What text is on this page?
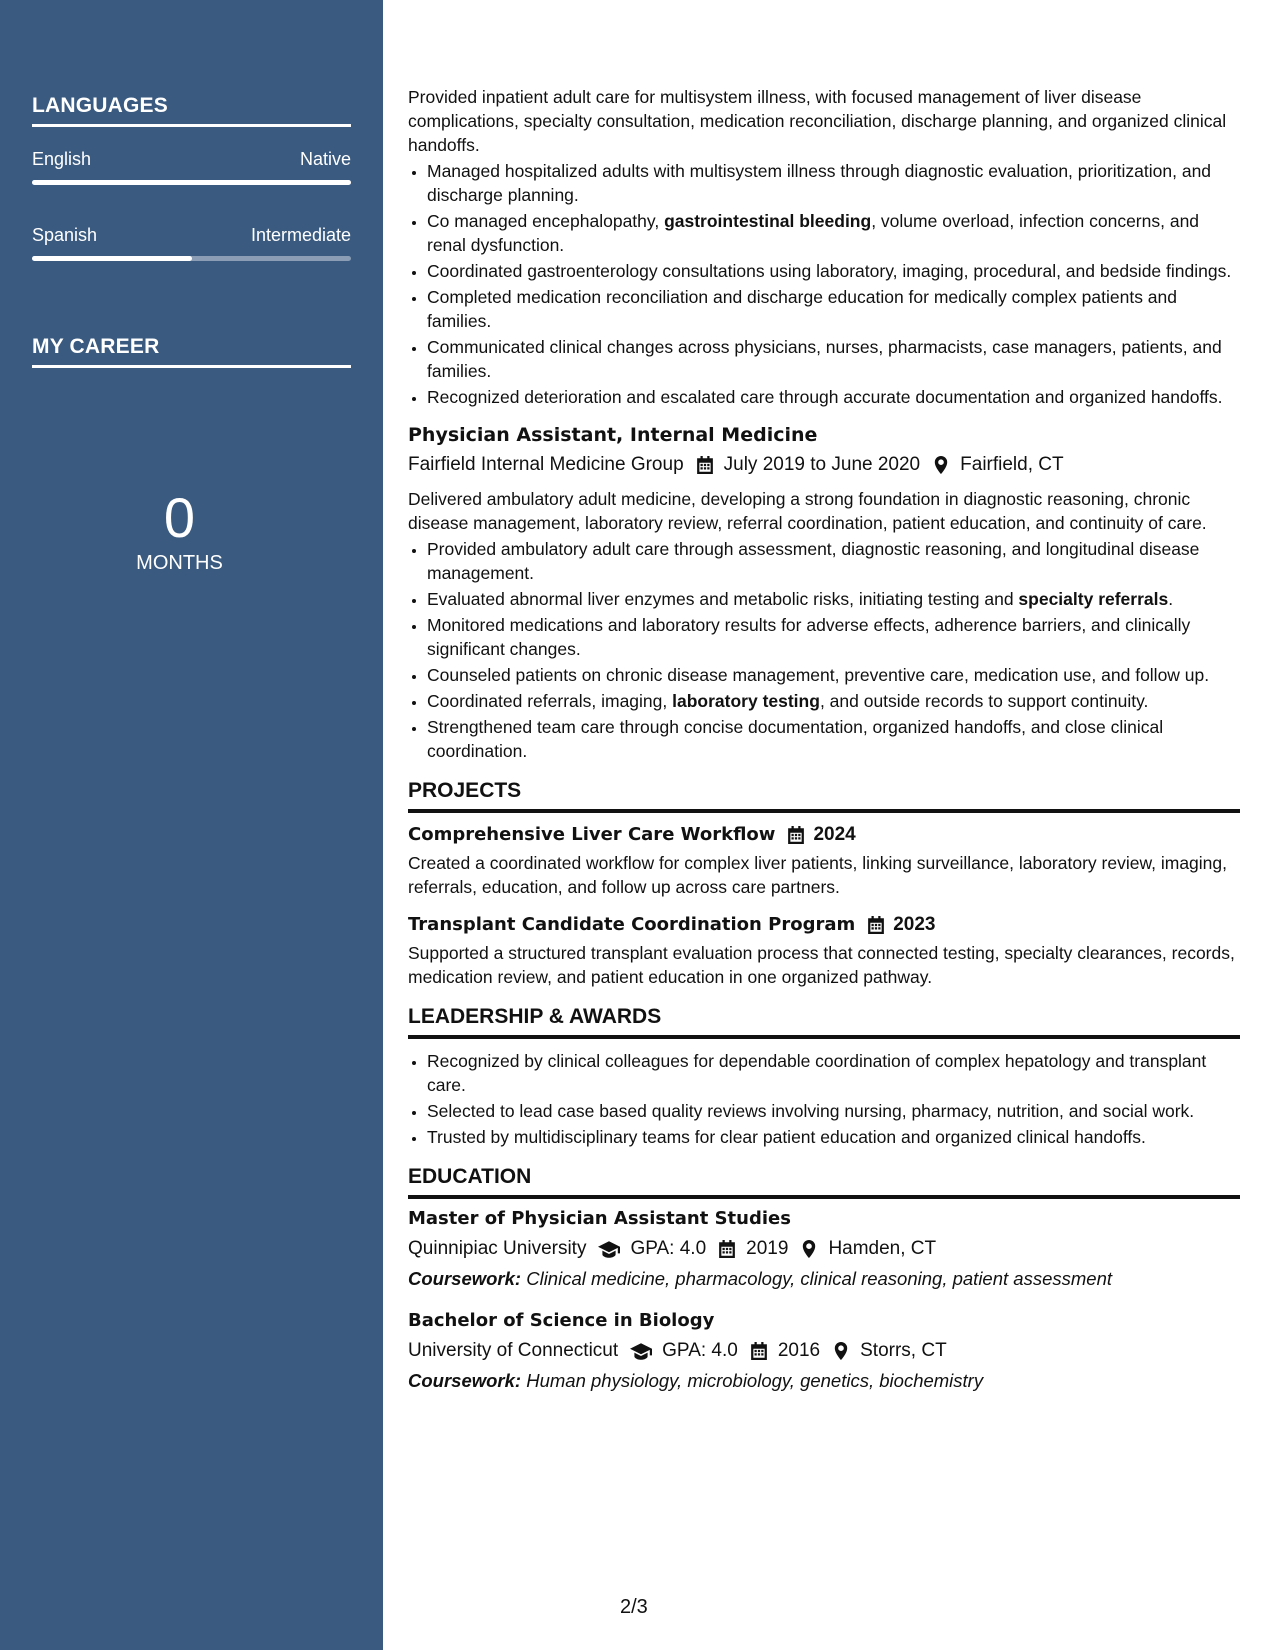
LANGUAGES
English	Native
Spanish	Intermediate
MY CAREER
0
MONTHS

Provided inpatient adult care for multisystem illness, with focused management of liver disease complications, specialty consultation, medication reconciliation, discharge planning, and organized clinical handoffs.

• Managed hospitalized adults with multisystem illness through diagnostic evaluation, prioritization, and discharge planning.
• Co managed encephalopathy, gastrointestinal bleeding, volume overload, infection concerns, and renal dysfunction.
• Coordinated gastroenterology consultations using laboratory, imaging, procedural, and bedside findings.
• Completed medication reconciliation and discharge education for medically complex patients and families.
• Communicated clinical changes across physicians, nurses, pharmacists, case managers, patients, and families.
• Recognized deterioration and escalated care through accurate documentation and organized handoffs.

Physician Assistant, Internal Medicine

Fairfield Internal Medicine Group July 2019 to June 2020 Fairfield, CT

Delivered ambulatory adult medicine, developing a strong foundation in diagnostic reasoning, chronic disease management, laboratory review, referral coordination, patient education, and continuity of care.

• Provided ambulatory adult care through assessment, diagnostic reasoning, and longitudinal disease management.
• Evaluated abnormal liver enzymes and metabolic risks, initiating testing and specialty referrals.
• Monitored medications and laboratory results for adverse effects, adherence barriers, and clinically significant changes.
• Counseled patients on chronic disease management, preventive care, medication use, and follow up.
• Coordinated referrals, imaging, laboratory testing, and outside records to support continuity.
• Strengthened team care through concise documentation, organized handoffs, and close clinical coordination.
PROJECTS
Comprehensive Liver Care Workflow 2024

Created a coordinated workflow for complex liver patients, linking surveillance, laboratory review, imaging, referrals, education, and follow up across care partners.

Transplant Candidate Coordination Program 2023

Supported a structured transplant evaluation process that connected testing, specialty clearances, records, medication review, and patient education in one organized pathway.

LEADERSHIP & AWARDS
• Recognized by clinical colleagues for dependable coordination of complex hepatology and transplant care.
• Selected to lead case based quality reviews involving nursing, pharmacy, nutrition, and social work.
• Trusted by multidisciplinary teams for clear patient education and organized clinical handoffs.
EDUCATION

Master of Physician Assistant Studies

Quinnipiac University GPA: 4.0 2019 Hamden, CT
Coursework: Clinical medicine, pharmacology, clinical reasoning, patient assessment

Bachelor of Science in Biology

University of Connecticut GPA: 4.0 2016 Storrs, CT
Coursework: Human physiology, microbiology, genetics, biochemistry
2/3
